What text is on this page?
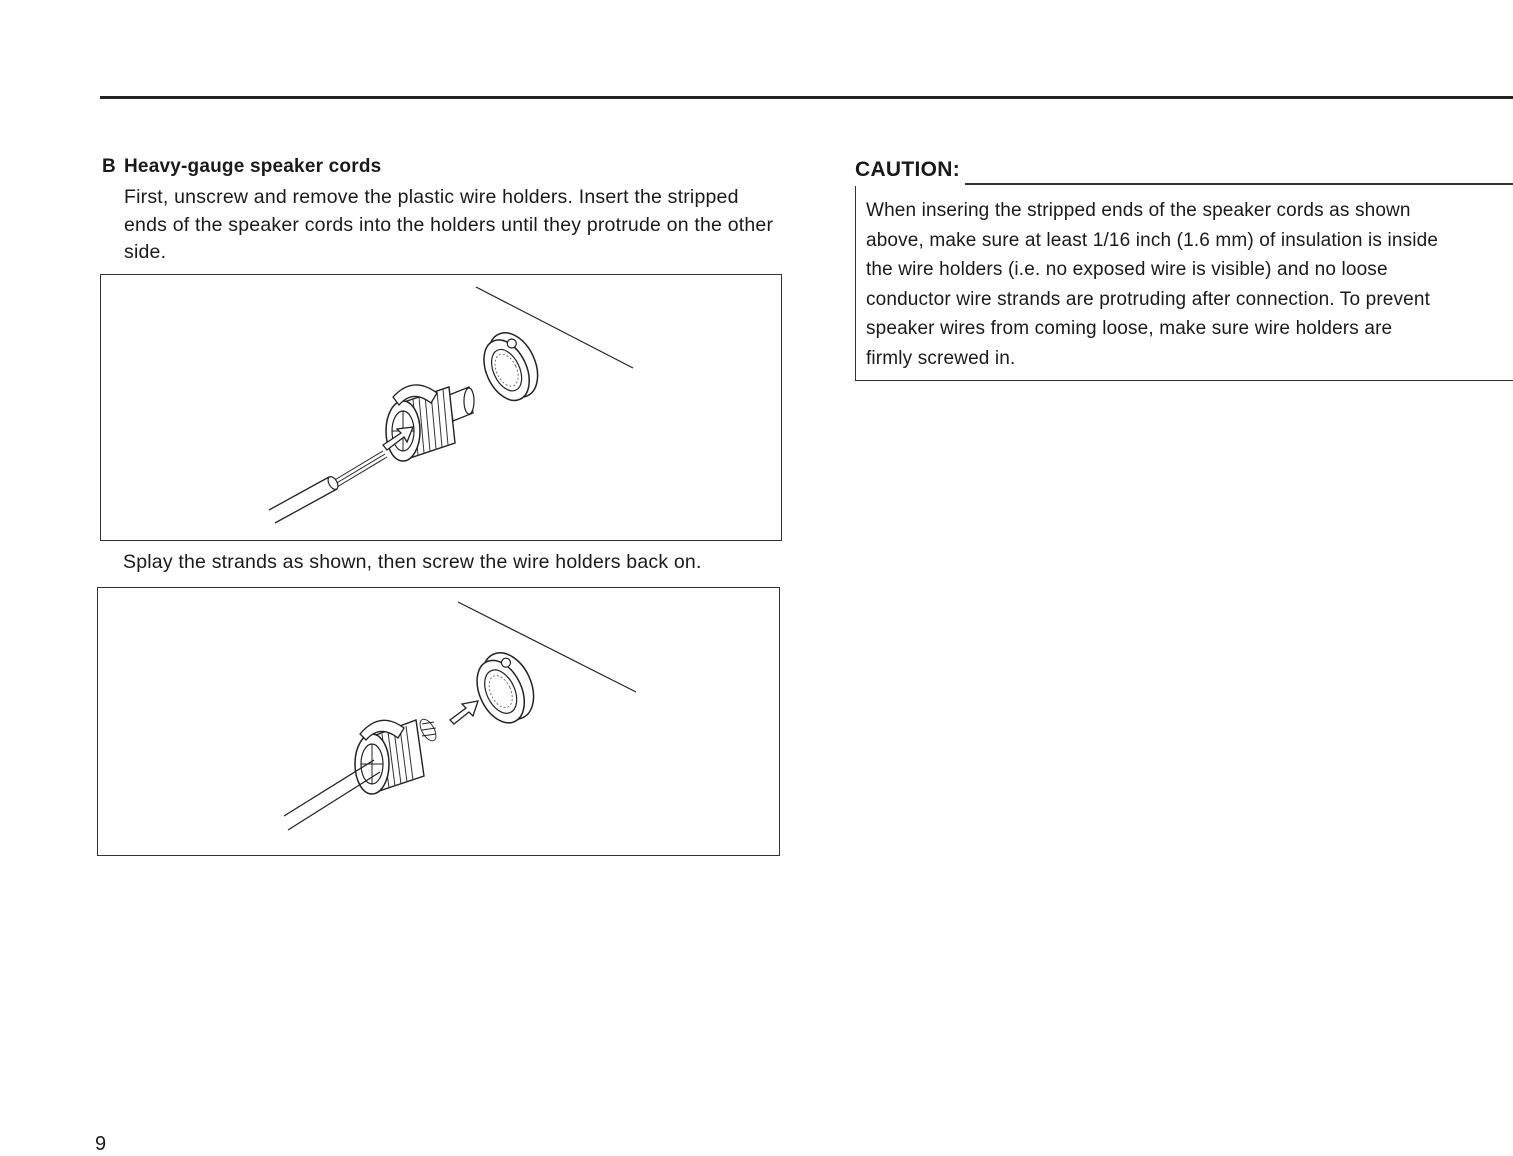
B Heavy-gauge speaker cords

First, unscrew and remove the plastic wire holders. Insert the stripped ends of the speaker cords into the holders until they protrude on the other side.

Splay the strands as shown, then screw the wire holders back on.

CAUTION:

When insering the stripped ends of the speaker cords as shown
above, make sure at least 1/16 inch (1.6 mm) of insulation is inside
the wire holders (i.e. no exposed wire is visible) and no loose
conductor wire strands are protruding after connection. To prevent
speaker wires from coming loose, make sure wire holders are
firmly screwed in.

9
